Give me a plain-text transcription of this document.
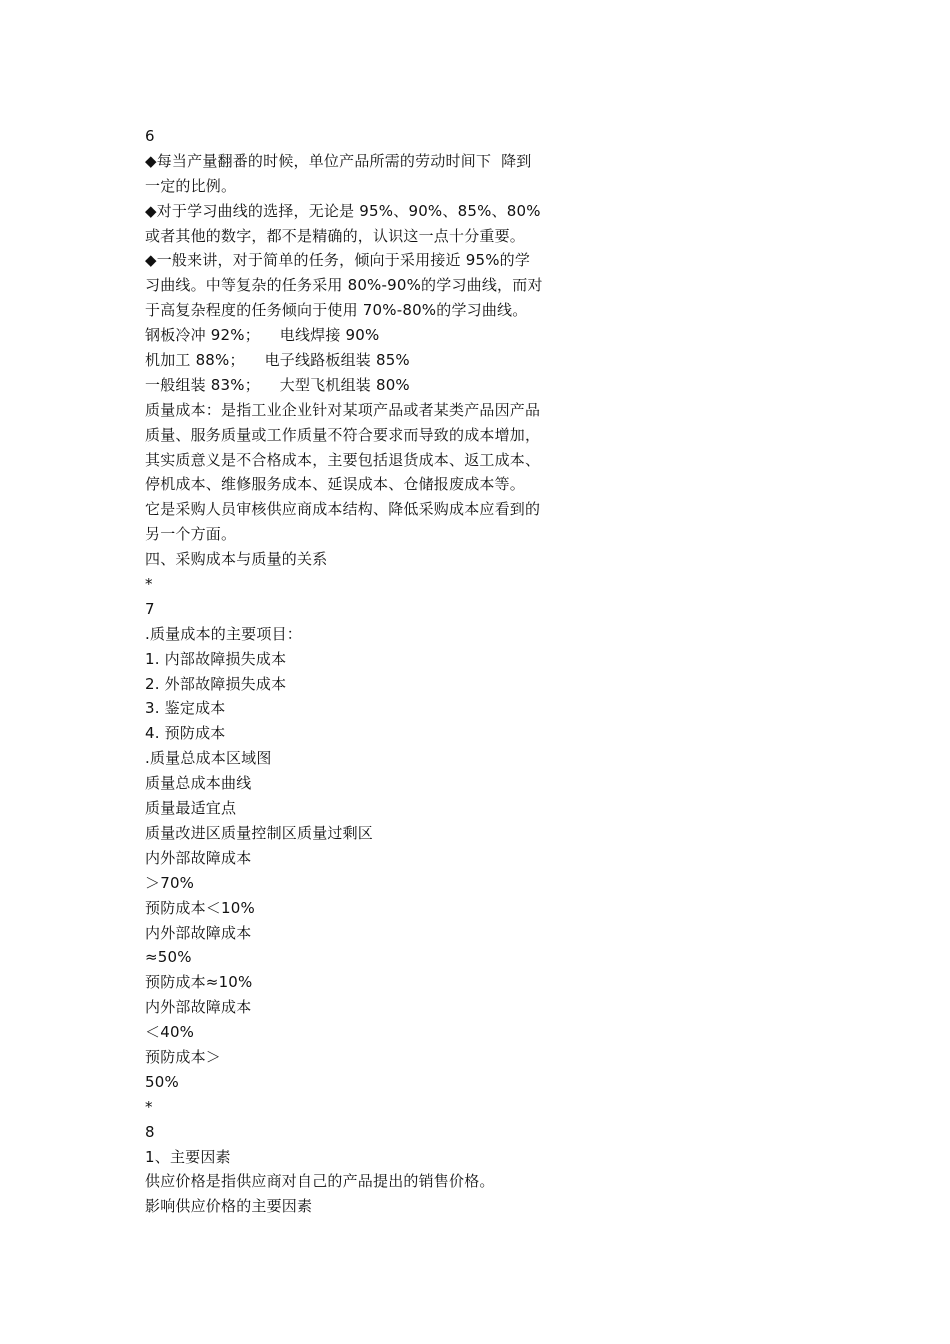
6
◆每当产量翻番的时候，单位产品所需的劳动时间下  降到
一定的比例。
◆对于学习曲线的选择，无论是 95%、90%、85%、80%
或者其他的数字，都不是精确的，认识这一点十分重要。
◆一般来讲，对于简单的任务，倾向于采用接近 95%的学
习曲线。中等复杂的任务采用 80%-90%的学习曲线，而对
于高复杂程度的任务倾向于使用 70%-80%的学习曲线。
钢板冷冲 92%；    电线焊接 90%
机加工 88%；    电子线路板组装 85%
一般组装 83%；    大型飞机组装 80%
质量成本：是指工业企业针对某项产品或者某类产品因产品
质量、服务质量或工作质量不符合要求而导致的成本增加，
其实质意义是不合格成本，主要包括退货成本、返工成本、
停机成本、维修服务成本、延误成本、仓储报废成本等。
它是采购人员审核供应商成本结构、降低采购成本应看到的
另一个方面。
四、采购成本与质量的关系
*
7
.质量成本的主要项目：
1. 内部故障损失成本
2. 外部故障损失成本
3. 鉴定成本
4. 预防成本
.质量总成本区域图
质量总成本曲线
质量最适宜点
质量改进区质量控制区质量过剩区
内外部故障成本
＞70%
预防成本＜10%
内外部故障成本
≈50%
预防成本≈10%
内外部故障成本
＜40%
预防成本＞
50%
*
8
1、主要因素
供应价格是指供应商对自己的产品提出的销售价格。
影响供应价格的主要因素
